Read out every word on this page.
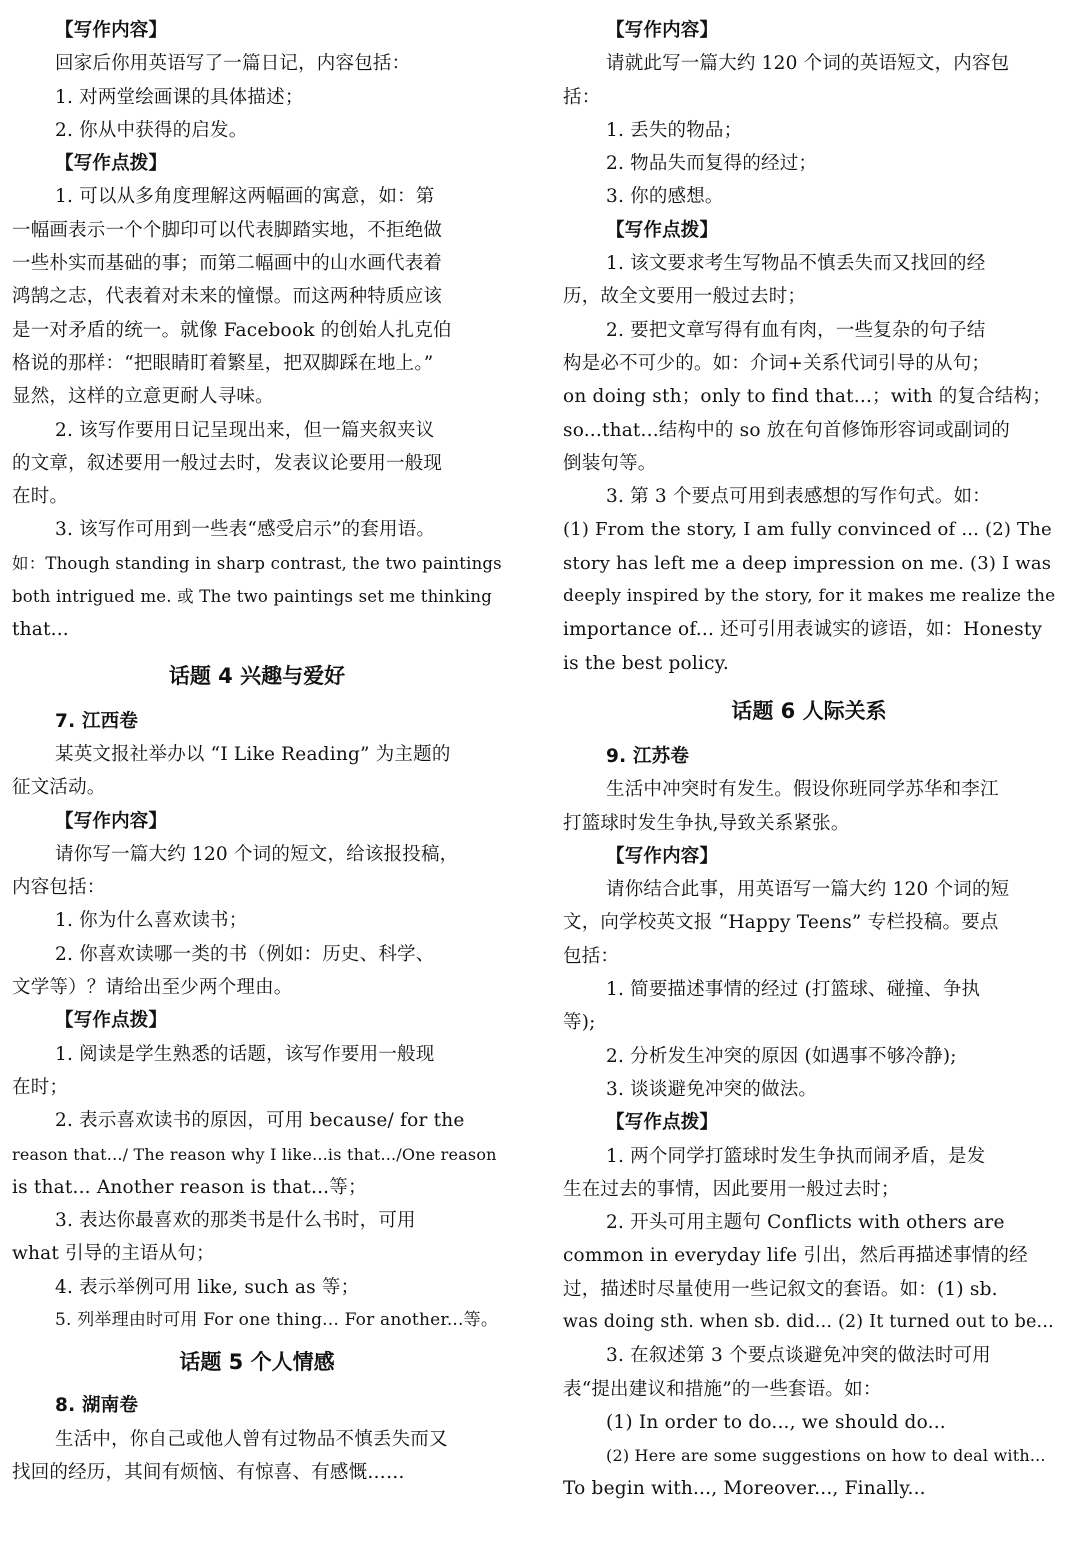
【写作内容】
回家后你用英语写了一篇日记，内容包括：
1. 对两堂绘画课的具体描述；
2. 你从中获得的启发。
【写作点拨】
1. 可以从多角度理解这两幅画的寓意，如：第
一幅画表示一个个脚印可以代表脚踏实地，不拒绝做
一些朴实而基础的事；而第二幅画中的山水画代表着
鸿鹄之志，代表着对未来的憧憬。而这两种特质应该
是一对矛盾的统一。就像 Facebook 的创始人扎克伯
格说的那样：“把眼睛盯着繁星，把双脚踩在地上。”
显然，这样的立意更耐人寻味。
2. 该写作要用日记呈现出来，但一篇夹叙夹议
的文章，叙述要用一般过去时，发表议论要用一般现
在时。
3. 该写作可用到一些表“感受启示”的套用语。
如：Though standing in sharp contrast, the two paintings
both intrigued me. 或 The two paintings set me thinking
that...
话题 4 兴趣与爱好
7. 江西卷
某英文报社举办以 “I Like Reading” 为主题的
征文活动。
【写作内容】
请你写一篇大约 120 个词的短文，给该报投稿，
内容包括：
1. 你为什么喜欢读书；
2. 你喜欢读哪一类的书（例如：历史、科学、
文学等）？请给出至少两个理由。
【写作点拨】
1. 阅读是学生熟悉的话题，该写作要用一般现
在时；
2. 表示喜欢读书的原因，可用 because/ for the
reason that.../ The reason why I like...is that.../One reason
is that... Another reason is that...等；
3. 表达你最喜欢的那类书是什么书时，可用
what 引导的主语从句；
4. 表示举例可用 like, such as 等；
5. 列举理由时可用 For one thing... For another...等。
话题 5 个人情感
8. 湖南卷
生活中，你自己或他人曾有过物品不慎丢失而又
找回的经历，其间有烦恼、有惊喜、有感慨……
【写作内容】
请就此写一篇大约 120 个词的英语短文，内容包
括：
1. 丢失的物品；
2. 物品失而复得的经过；
3. 你的感想。
【写作点拨】
1. 该文要求考生写物品不慎丢失而又找回的经
历，故全文要用一般过去时；
2. 要把文章写得有血有肉，一些复杂的句子结
构是必不可少的。如：介词+关系代词引导的从句；
on doing sth；only to find that...；with 的复合结构；
so...that...结构中的 so 放在句首修饰形容词或副词的
倒装句等。
3. 第 3 个要点可用到表感想的写作句式。如：
(1) From the story, I am fully convinced of ... (2) The
story has left me a deep impression on me. (3) I was
deeply inspired by the story, for it makes me realize the
importance of... 还可引用表诚实的谚语，如：Honesty
is the best policy.
话题 6 人际关系
9. 江苏卷
生活中冲突时有发生。假设你班同学苏华和李江
打篮球时发生争执,导致关系紧张。
【写作内容】
请你结合此事，用英语写一篇大约 120 个词的短
文，向学校英文报 “Happy Teens” 专栏投稿。要点
包括：
1. 简要描述事情的经过 (打篮球、碰撞、争执
等);
2. 分析发生冲突的原因 (如遇事不够冷静);
3. 谈谈避免冲突的做法。
【写作点拨】
1. 两个同学打篮球时发生争执而闹矛盾，是发
生在过去的事情，因此要用一般过去时；
2. 开头可用主题句 Conflicts with others are
common in everyday life 引出，然后再描述事情的经
过，描述时尽量使用一些记叙文的套语。如：(1) sb.
was doing sth. when sb. did... (2) It turned out to be...
3. 在叙述第 3 个要点谈避免冲突的做法时可用
表“提出建议和措施”的一些套语。如：
(1) In order to do..., we should do...
(2) Here are some suggestions on how to deal with...
To begin with..., Moreover..., Finally...
